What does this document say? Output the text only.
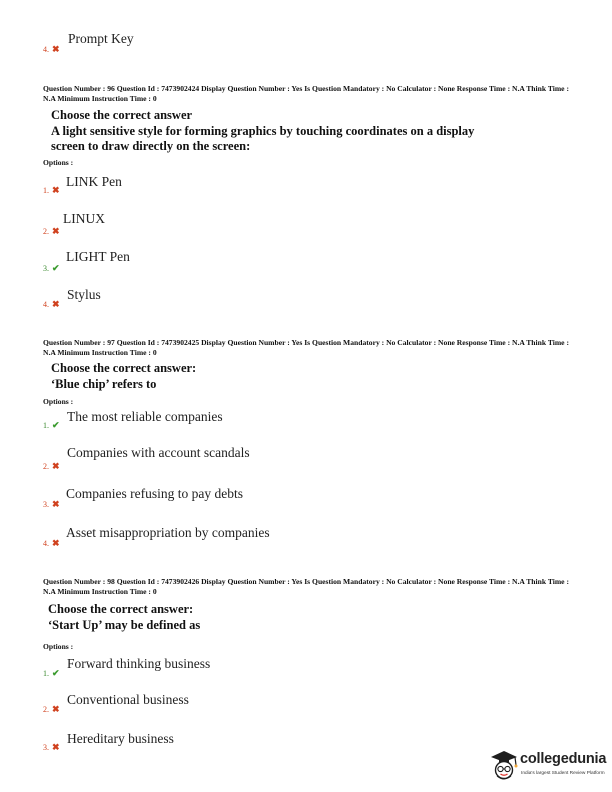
Prompt Key
4. ✖
Question Number : 96 Question Id : 7473902424 Display Question Number : Yes Is Question Mandatory : No Calculator : None Response Time : N.A Think Time : N.A Minimum Instruction Time : 0
Choose the correct answer
A light sensitive style for forming graphics by touching coordinates on a display
screen to draw directly on the screen:
Options :
LINK Pen
1. ✖
LINUX
2. ✖
LIGHT Pen
3. ✔
Stylus
4. ✖
Question Number : 97 Question Id : 7473902425 Display Question Number : Yes Is Question Mandatory : No Calculator : None Response Time : N.A Think Time : N.A Minimum Instruction Time : 0
Choose the correct answer:
‘Blue chip’ refers to
Options :
The most reliable companies
1. ✔
Companies with account scandals
2. ✖
Companies refusing to pay debts
3. ✖
Asset misappropriation by companies
4. ✖
Question Number : 98 Question Id : 7473902426 Display Question Number : Yes Is Question Mandatory : No Calculator : None Response Time : N.A Think Time : N.A Minimum Instruction Time : 0
Choose the correct answer:
‘Start Up’ may be defined as
Options :
Forward thinking business
1. ✔
Conventional business
2. ✖
Hereditary business
3. ✖
collegedunia
India's largest Student Review Platform
